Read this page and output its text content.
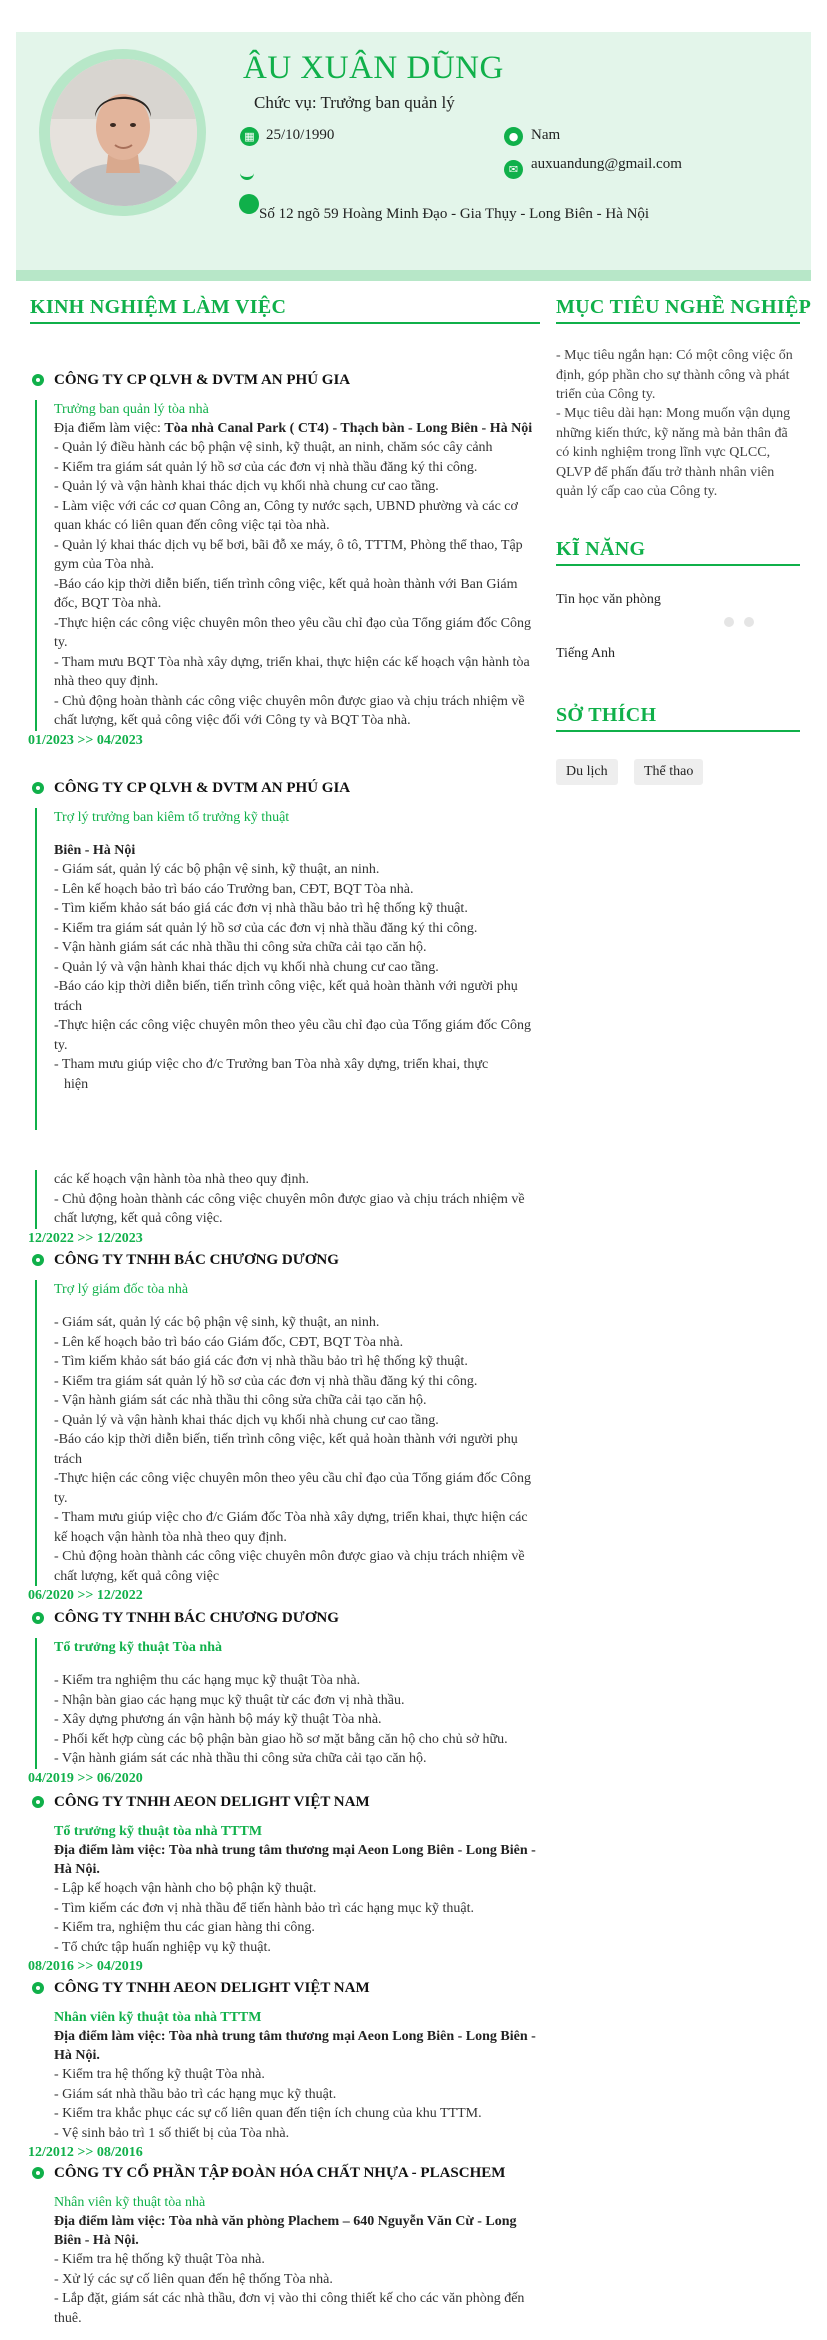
ÂU XUÂN DŨNG
Chức vụ: Trưởng ban quản lý
▦ 25/10/1990	● Nam
✉ auxuandung@gmail.com
Số 12 ngõ 59 Hoàng Minh Đạo - Gia Thụy - Long Biên - Hà Nội
KINH NGHIỆM LÀM VIỆC
CÔNG TY CP QLVH & DVTM AN PHÚ GIA
Trưởng ban quản lý tòa nhà
Địa điểm làm việc: Tòa nhà Canal Park ( CT4) - Thạch bàn - Long Biên - Hà Nội
- Quản lý điều hành các bộ phận vệ sinh, kỹ thuật, an ninh, chăm sóc cây cảnh
- Kiểm tra giám sát quản lý hồ sơ của các đơn vị nhà thầu đăng ký thi công.
- Quản lý và vận hành khai thác dịch vụ khối nhà chung cư cao tầng.
- Làm việc với các cơ quan Công an, Công ty nước sạch, UBND phường và các cơ quan khác có liên quan đến công việc tại tòa nhà.
- Quản lý khai thác dịch vụ bể bơi, bãi đỗ xe máy, ô tô, TTTM, Phòng thể thao, Tập gym của Tòa nhà.
-Báo cáo kịp thời diễn biến, tiến trình công việc, kết quả hoàn thành với Ban Giám đốc, BQT Tòa nhà.
-Thực hiện các công việc chuyên môn theo yêu cầu chỉ đạo của Tổng giám đốc Công ty.
- Tham mưu BQT Tòa nhà xây dựng, triển khai, thực hiện các kế hoạch vận hành tòa nhà theo quy định.
- Chủ động hoàn thành các công việc chuyên môn được giao và chịu trách nhiệm về chất lượng, kết quả công việc đối với Công ty và BQT Tòa nhà.
01/2023 >> 04/2023
CÔNG TY CP QLVH & DVTM AN PHÚ GIA
Trợ lý trưởng ban kiêm tổ trưởng kỹ thuật
Biên - Hà Nội
- Giám sát, quản lý các bộ phận vệ sinh, kỹ thuật, an ninh.
- Lên kế hoạch bảo trì báo cáo Trưởng ban, CĐT, BQT Tòa nhà.
- Tìm kiếm khảo sát báo giá các đơn vị nhà thầu bảo trì hệ thống kỹ thuật.
- Kiểm tra giám sát quản lý hồ sơ của các đơn vị nhà thầu đăng ký thi công.
- Vận hành giám sát các nhà thầu thi công sửa chữa cải tạo căn hộ.
- Quản lý và vận hành khai thác dịch vụ khối nhà chung cư cao tầng.
-Báo cáo kịp thời diễn biến, tiến trình công việc, kết quả hoàn thành với người phụ trách
-Thực hiện các công việc chuyên môn theo yêu cầu chỉ đạo của Tổng giám đốc Công ty.
- Tham mưu giúp việc cho đ/c Trưởng ban Tòa nhà xây dựng, triển khai, thực
hiện
các kế hoạch vận hành tòa nhà theo quy định.
- Chủ động hoàn thành các công việc chuyên môn được giao và chịu trách nhiệm về chất lượng, kết quả công việc.
12/2022 >> 12/2023
CÔNG TY TNHH BÁC CHƯƠNG DƯƠNG
Trợ lý giám đốc tòa nhà
- Giám sát, quản lý các bộ phận vệ sinh, kỹ thuật, an ninh.
- Lên kế hoạch bảo trì báo cáo Giám đốc, CĐT, BQT Tòa nhà.
- Tìm kiếm khảo sát báo giá các đơn vị nhà thầu bảo trì hệ thống kỹ thuật.
- Kiểm tra giám sát quản lý hồ sơ của các đơn vị nhà thầu đăng ký thi công.
- Vận hành giám sát các nhà thầu thi công sửa chữa cải tạo căn hộ.
- Quản lý và vận hành khai thác dịch vụ khối nhà chung cư cao tầng.
-Báo cáo kịp thời diễn biến, tiến trình công việc, kết quả hoàn thành với người phụ trách
-Thực hiện các công việc chuyên môn theo yêu cầu chỉ đạo của Tổng giám đốc Công ty.
- Tham mưu giúp việc cho đ/c Giám đốc Tòa nhà xây dựng, triển khai, thực hiện các kế hoạch vận hành tòa nhà theo quy định.
- Chủ động hoàn thành các công việc chuyên môn được giao và chịu trách nhiệm về chất lượng, kết quả công việc
06/2020 >> 12/2022
CÔNG TY TNHH BÁC CHƯƠNG DƯƠNG
Tổ trưởng kỹ thuật Tòa nhà
- Kiểm tra nghiệm thu các hạng mục kỹ thuật Tòa nhà.
- Nhận bàn giao các hạng mục kỹ thuật từ các đơn vị nhà thầu.
- Xây dựng phương án vận hành bộ máy kỹ thuật Tòa nhà.
- Phối kết hợp cùng các bộ phận bàn giao hồ sơ mặt bằng căn hộ cho chủ sở hữu.
- Vận hành giám sát các nhà thầu thi công sửa chữa cải tạo căn hộ.
04/2019 >> 06/2020
CÔNG TY TNHH AEON DELIGHT VIỆT NAM
Tổ trưởng kỹ thuật tòa nhà TTTM
Địa điểm làm việc: Tòa nhà trung tâm thương mại Aeon Long Biên - Long Biên - Hà Nội.
- Lập kế hoạch vận hành cho bộ phận kỹ thuật.
- Tìm kiếm các đơn vị nhà thầu để tiến hành bảo trì các hạng mục kỹ thuật.
- Kiểm tra, nghiệm thu các gian hàng thi công.
- Tổ chức tập huấn nghiệp vụ kỹ thuật.
08/2016 >> 04/2019
CÔNG TY TNHH AEON DELIGHT VIỆT NAM
Nhân viên kỹ thuật tòa nhà TTTM
Địa điểm làm việc: Tòa nhà trung tâm thương mại Aeon Long Biên - Long Biên - Hà Nội.
- Kiểm tra hệ thống kỹ thuật Tòa nhà.
- Giám sát nhà thầu bảo trì các hạng mục kỹ thuật.
- Kiểm tra khắc phục các sự cố liên quan đến tiện ích chung của khu TTTM.
- Vệ sinh bảo trì 1 số thiết bị của Tòa nhà.
12/2012 >> 08/2016
CÔNG TY CỔ PHẦN TẬP ĐOÀN HÓA CHẤT NHỰA - PLASCHEM
Nhân viên kỹ thuật tòa nhà
Địa điểm làm việc: Tòa nhà văn phòng Plachem – 640 Nguyễn Văn Cừ - Long Biên - Hà Nội.
- Kiểm tra hệ thống kỹ thuật Tòa nhà.
- Xử lý các sự cố liên quan đến hệ thống Tòa nhà.
- Lắp đặt, giám sát các nhà thầu, đơn vị vào thi công thiết kế cho các văn phòng đến thuê.
MỤC TIÊU NGHỀ NGHIỆP
- Mục tiêu ngắn hạn: Có một công việc ổn định, góp phần cho sự thành công và phát triển của Công ty.
- Mục tiêu dài hạn: Mong muốn vận dụng những kiến thức, kỹ năng mà bản thân đã có kinh nghiệm trong lĩnh vực QLCC, QLVP để phấn đấu trở thành nhân viên quản lý cấp cao của Công ty.
KĨ NĂNG
Tin học văn phòng
Tiếng Anh
SỞ THÍCH
Du lịch	Thể thao
